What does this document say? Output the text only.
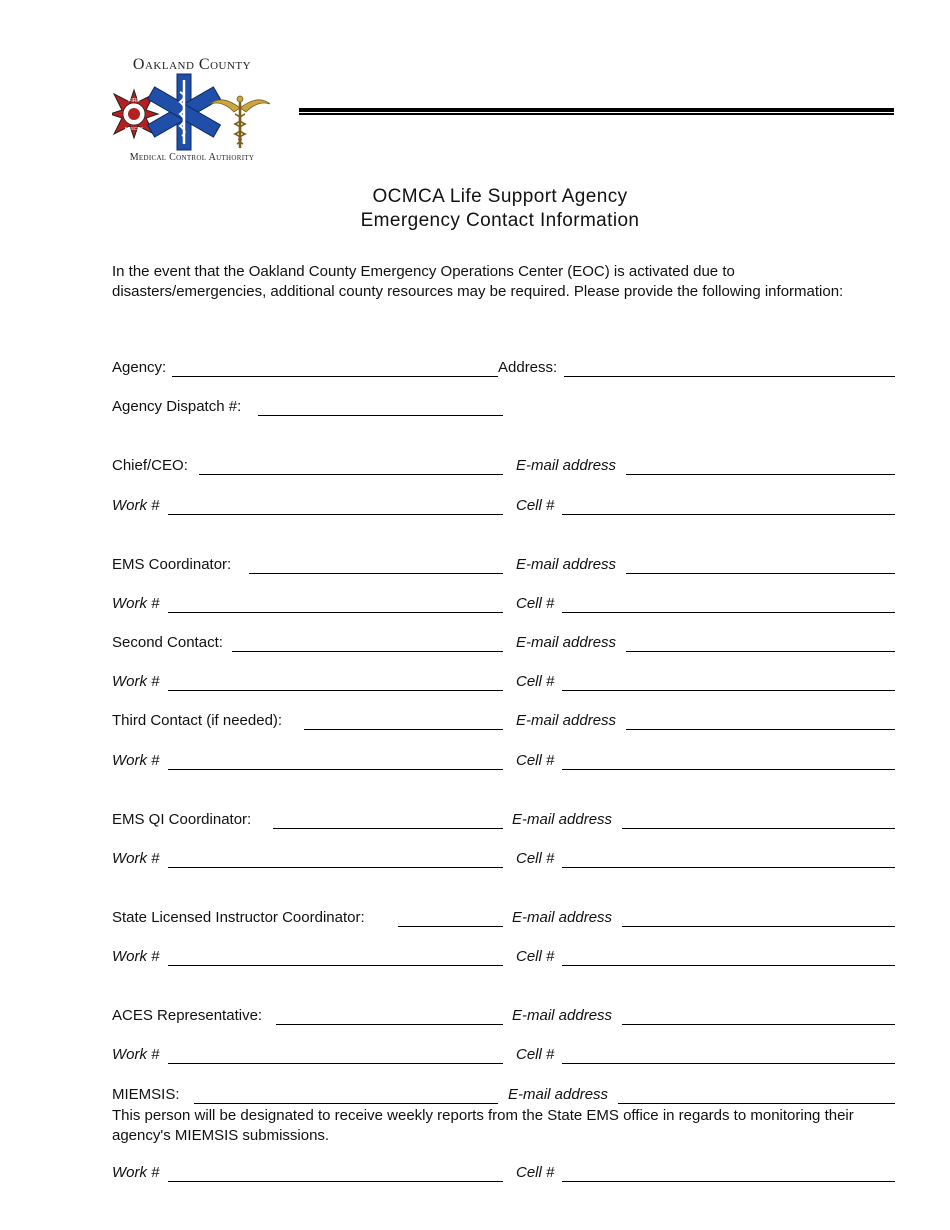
Oakland County
FIRE
RESCUE
Medical Control Authority
OCMCA Life Support Agency
Emergency Contact Information
In the event that the Oakland County Emergency Operations Center (EOC) is activated due to disasters/emergencies, additional county resources may be required. Please provide the following information:
Agency:	Address:
Agency Dispatch #:
Chief/CEO:	E-mail address
Work #	Cell #
EMS Coordinator:	E-mail address
Work #	Cell #
Second Contact:	E-mail address
Work #	Cell #
Third Contact (if needed):	E-mail address
Work #	Cell #
EMS QI Coordinator:	E-mail address
Work #	Cell #
State Licensed Instructor Coordinator:	E-mail address
Work #	Cell #
ACES Representative:	E-mail address
Work #	Cell #
MIEMSIS:	E-mail address
This person will be designated to receive weekly reports from the State EMS office in regards to monitoring their agency's MIEMSIS submissions.
Work #	Cell #
